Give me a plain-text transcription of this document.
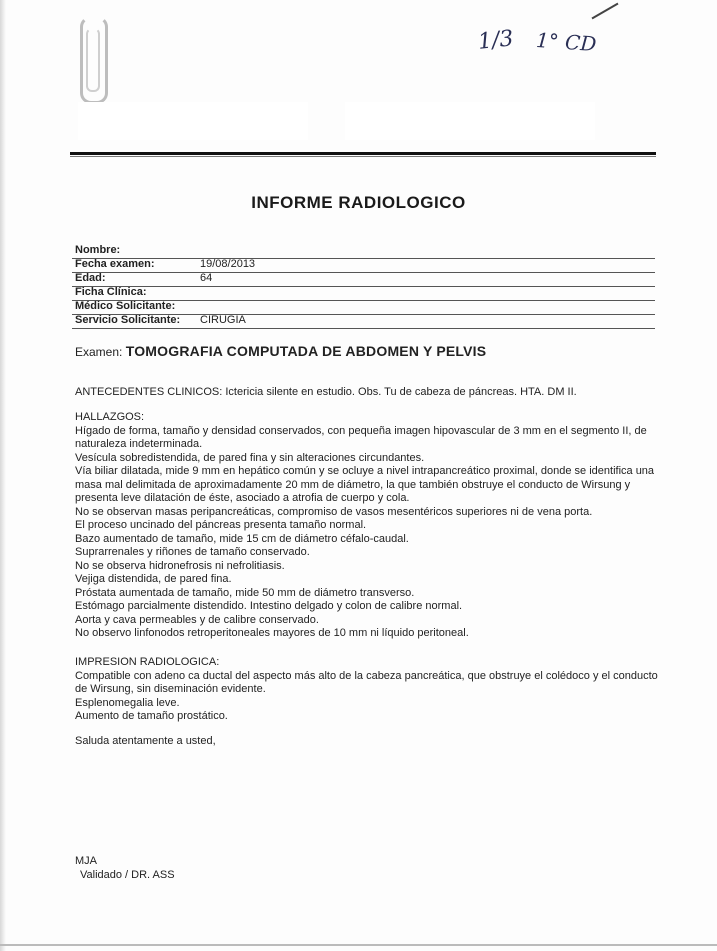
1/3 1° CD
INFORME RADIOLOGICO
Nombre:
Fecha examen:	19/08/2013
Edad:	64
Ficha Clínica:
Médico Solicitante:
Servicio Solicitante: CIRUGIA
Examen: TOMOGRAFIA COMPUTADA DE ABDOMEN Y PELVIS
ANTECEDENTES CLINICOS: Ictericia silente en estudio. Obs. Tu de cabeza de páncreas. HTA. DM II.
HALLAZGOS:
Hígado de forma, tamaño y densidad conservados, con pequeña imagen hipovascular de 3 mm en el segmento II, de naturaleza indeterminada.
Vesícula sobredistendida, de pared fina y sin alteraciones circundantes.
Vía biliar dilatada, mide 9 mm en hepático común y se ocluye a nivel intrapancreático proximal, donde se identifica una masa mal delimitada de aproximadamente 20 mm de diámetro, la que también obstruye el conducto de Wirsung y presenta leve dilatación de éste, asociado a atrofia de cuerpo y cola.
No se observan masas peripancreáticas, compromiso de vasos mesentéricos superiores ni de vena porta.
El proceso uncinado del páncreas presenta tamaño normal.
Bazo aumentado de tamaño, mide 15 cm de diámetro céfalo-caudal.
Suprarrenales y riñones de tamaño conservado.
No se observa hidronefrosis ni nefrolitiasis.
Vejiga distendida, de pared fina.
Próstata aumentada de tamaño, mide 50 mm de diámetro transverso.
Estómago parcialmente distendido. Intestino delgado y colon de calibre normal.
Aorta y cava permeables y de calibre conservado.
No observo linfonodos retroperitoneales mayores de 10 mm ni líquido peritoneal.
IMPRESION RADIOLOGICA:
Compatible con adeno ca ductal del aspecto más alto de la cabeza pancreática, que obstruye el colédoco y el conducto de Wirsung, sin diseminación evidente.
Esplenomegalia leve.
Aumento de tamaño prostático.
Saluda atentamente a usted,
MJA
Validado / DR. ASS
